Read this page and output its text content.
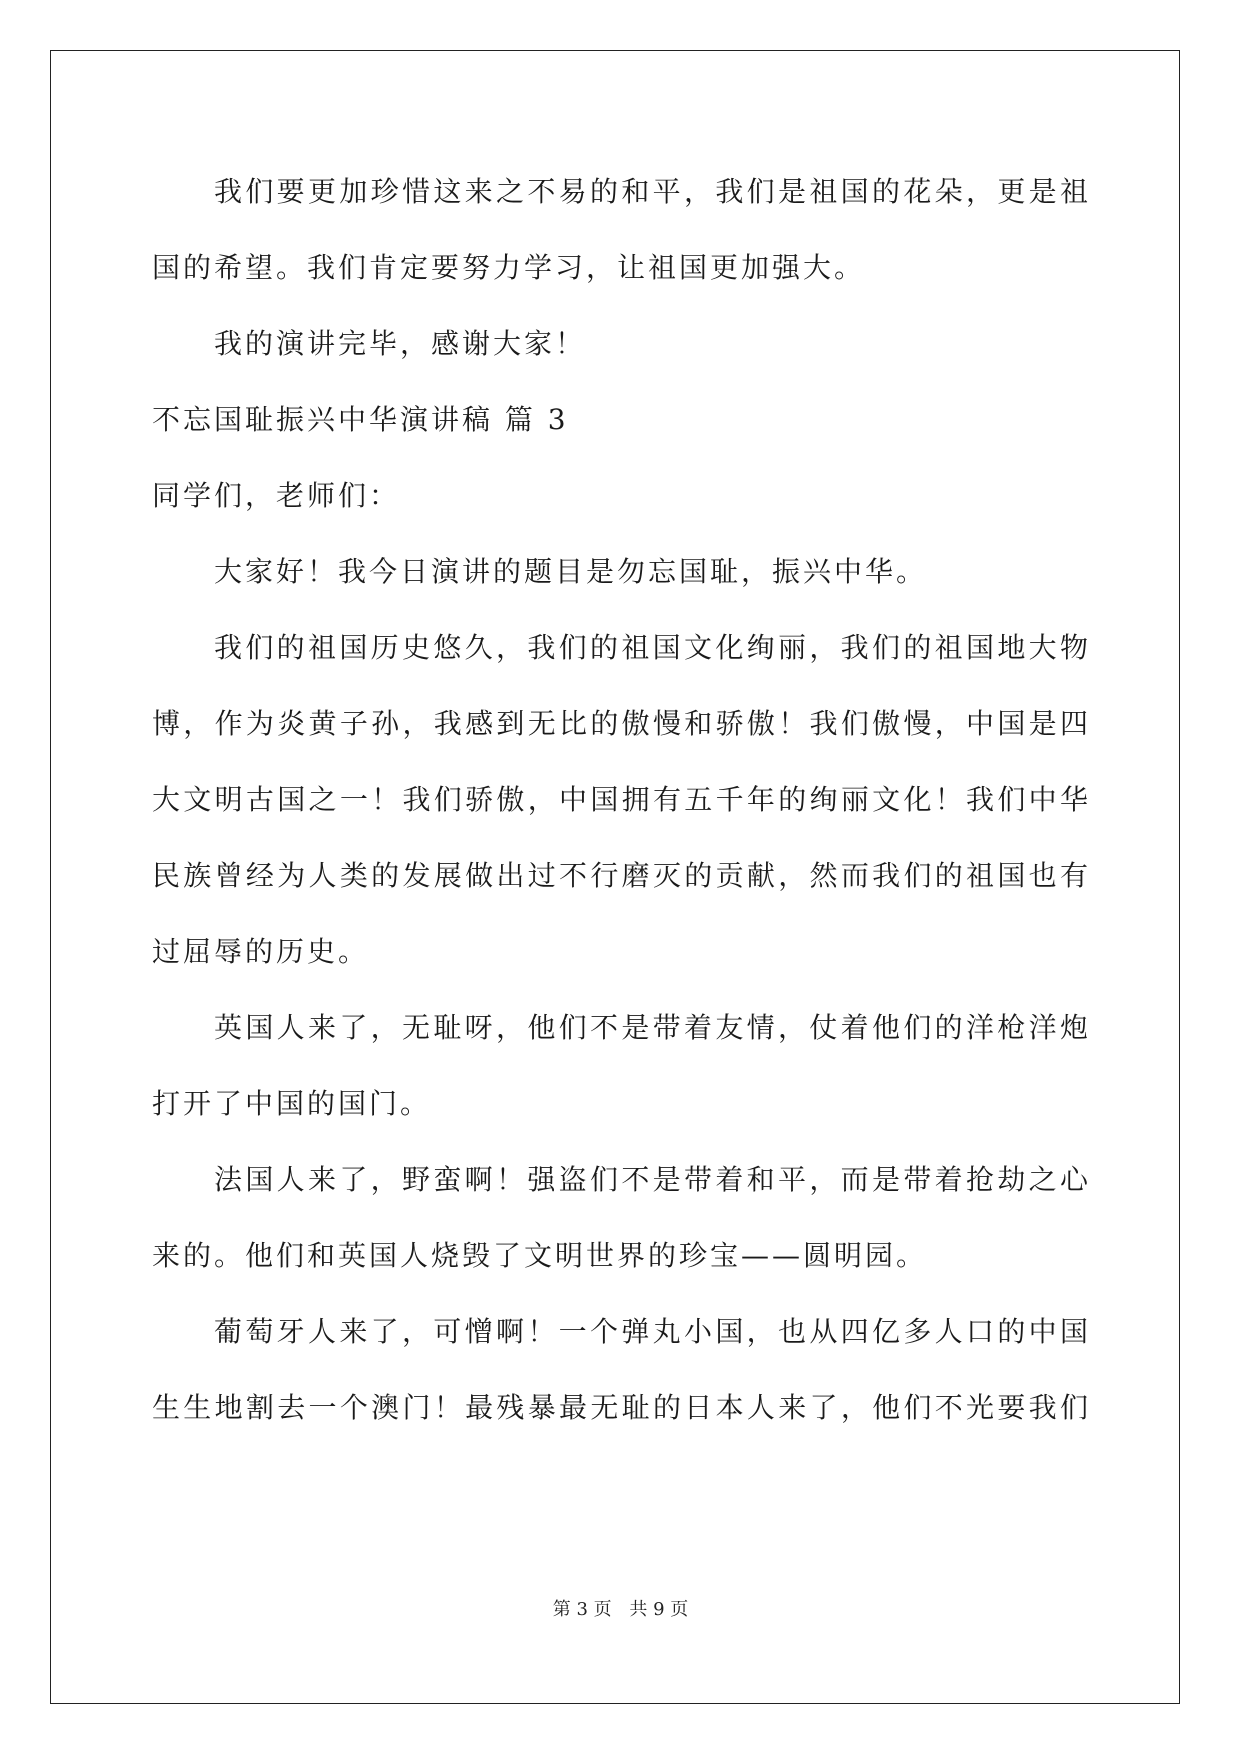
我们要更加珍惜这来之不易的和平，我们是祖国的花朵，更是祖
国的希望。我们肯定要努力学习，让祖国更加强大。
我的演讲完毕，感谢大家！
不忘国耻振兴中华演讲稿 篇 3
同学们，老师们：
大家好！我今日演讲的题目是勿忘国耻，振兴中华。
我们的祖国历史悠久，我们的祖国文化绚丽，我们的祖国地大物
博，作为炎黄子孙，我感到无比的傲慢和骄傲！我们傲慢，中国是四
大文明古国之一！我们骄傲，中国拥有五千年的绚丽文化！我们中华
民族曾经为人类的发展做出过不行磨灭的贡献，然而我们的祖国也有
过屈辱的历史。
英国人来了，无耻呀，他们不是带着友情，仗着他们的洋枪洋炮
打开了中国的国门。
法国人来了，野蛮啊！强盗们不是带着和平，而是带着抢劫之心
来的。他们和英国人烧毁了文明世界的珍宝——圆明园。
葡萄牙人来了，可憎啊！一个弹丸小国，也从四亿多人口的中国
生生地割去一个澳门！最残暴最无耻的日本人来了，他们不光要我们
第 3 页 共 9 页
